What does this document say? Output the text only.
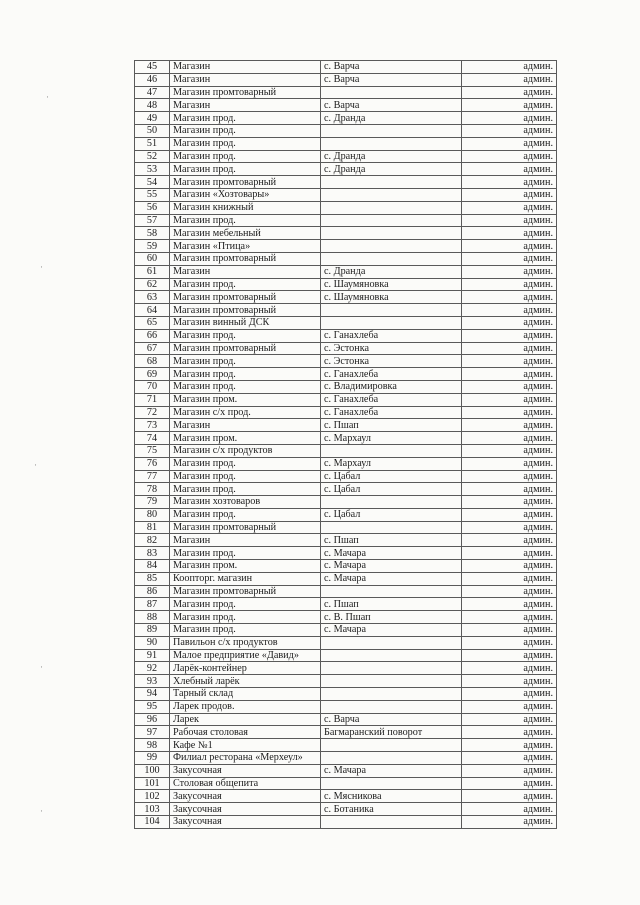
·
·
·
·
·
45	Магазин	с. Варча	админ.
46	Магазин	с. Варча	админ.
47	Магазин промтоварный		админ.
48	Магазин	с. Варча	админ.
49	Магазин прод.	с. Дранда	админ.
50	Магазин прод.		админ.
51	Магазин прод.		админ.
52	Магазин прод.	с. Дранда	админ.
53	Магазин прод.	с. Дранда	админ.
54	Магазин промтоварный		админ.
55	Магазин «Хозтовары»		админ.
56	Магазин книжный		админ.
57	Магазин прод.		админ.
58	Магазин мебельный		админ.
59	Магазин «Птица»		админ.
60	Магазин промтоварный		админ.
61	Магазин	с. Дранда	админ.
62	Магазин прод.	с. Шаумяновка	админ.
63	Магазин промтоварный	с. Шаумяновка	админ.
64	Магазин промтоварный		админ.
65	Магазин винный ДСК		админ.
66	Магазин прод.	с. Ганахлеба	админ.
67	Магазин промтоварный	с. Эстонка	админ.
68	Магазин прод.	с. Эстонка	админ.
69	Магазин прод.	с. Ганахлеба	админ.
70	Магазин прод.	с. Владимировка	админ.
71	Магазин пром.	с. Ганахлеба	админ.
72	Магазин с/х прод.	с. Ганахлеба	админ.
73	Магазин	с. Пшап	админ.
74	Магазин пром.	с. Мархаул	админ.
75	Магазин с/х продуктов		админ.
76	Магазин прод.	с. Мархаул	админ.
77	Магазин прод.	с. Цабал	админ.
78	Магазин прод.	с. Цабал	админ.
79	Магазин хозтоваров		админ.
80	Магазин прод.	с. Цабал	админ.
81	Магазин промтоварный		админ.
82	Магазин	с. Пшап	админ.
83	Магазин прод.	с. Мачара	админ.
84	Магазин пром.	с. Мачара	админ.
85	Коопторг. магазин	с. Мачара	админ.
86	Магазин промтоварный		админ.
87	Магазин прод.	с. Пшап	админ.
88	Магазин прод.	с. В. Пшап	админ.
89	Магазин прод.	с. Мачара	админ.
90	Павильон с/х продуктов		админ.
91	Малое предприятие «Давид»		админ.
92	Ларёк-контейнер		админ.
93	Хлебный ларёк		админ.
94	Тарный склад		админ.
95	Ларек продов.		админ.
96	Ларек	с. Варча	админ.
97	Рабочая столовая	Багмаранский поворот	админ.
98	Кафе №1		админ.
99	Филиал ресторана «Мерхеул»		админ.
100	Закусочная	с. Мачара	админ.
101	Столовая общепита		админ.
102	Закусочная	с. Мясникова	админ.
103	Закусочная	с. Ботаника	админ.
104	Закусочная		админ.
